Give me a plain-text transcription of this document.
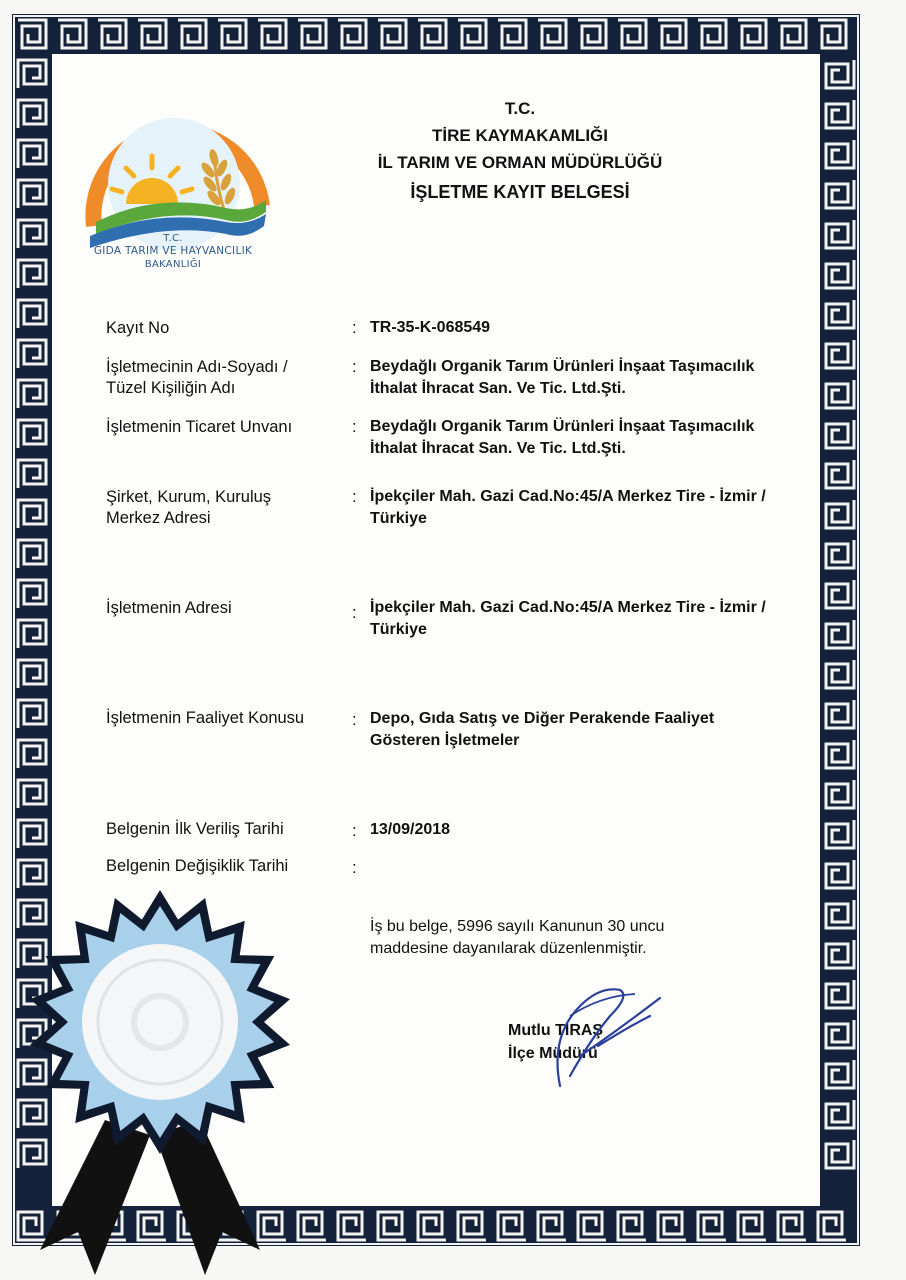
T.C.
GIDA TARIM VE HAYVANCILIK
BAKANLIĞI
T.C.
TİRE KAYMAKAMLIĞI
İL TARIM VE ORMAN MÜDÜRLÜĞÜ
İŞLETME KAYIT BELGESİ
Kayıt No	: TR-35-K-068549
İşletmecinin Adı-Soyadı / Tüzel Kişiliğin Adı
: Beydağlı Organik Tarım Ürünleri İnşaat Taşımacılık İthalat İhracat San. Ve Tic. Ltd.Şti.
İşletmenin Ticaret Unvanı	: Beydağlı Organik Tarım Ürünleri İnşaat Taşımacılık İthalat İhracat San. Ve Tic. Ltd.Şti.
Şirket, Kurum, Kuruluş Merkez Adresi
: İpekçiler Mah. Gazi Cad.No:45/A Merkez Tire - İzmir / Türkiye
İşletmenin Adresi	: İpekçiler Mah. Gazi Cad.No:45/A Merkez Tire - İzmir / Türkiye
İşletmenin Faaliyet Konusu	: Depo, Gıda Satış ve Diğer Perakende Faaliyet Gösteren İşletmeler
Belgenin İlk Veriliş Tarihi	: 13/09/2018
Belgenin Değişiklik Tarihi	:
İş bu belge, 5996 sayılı Kanunun 30 uncu maddesine dayanılarak düzenlenmiştir.
Mutlu TIRAŞ
İlçe Müdürü
